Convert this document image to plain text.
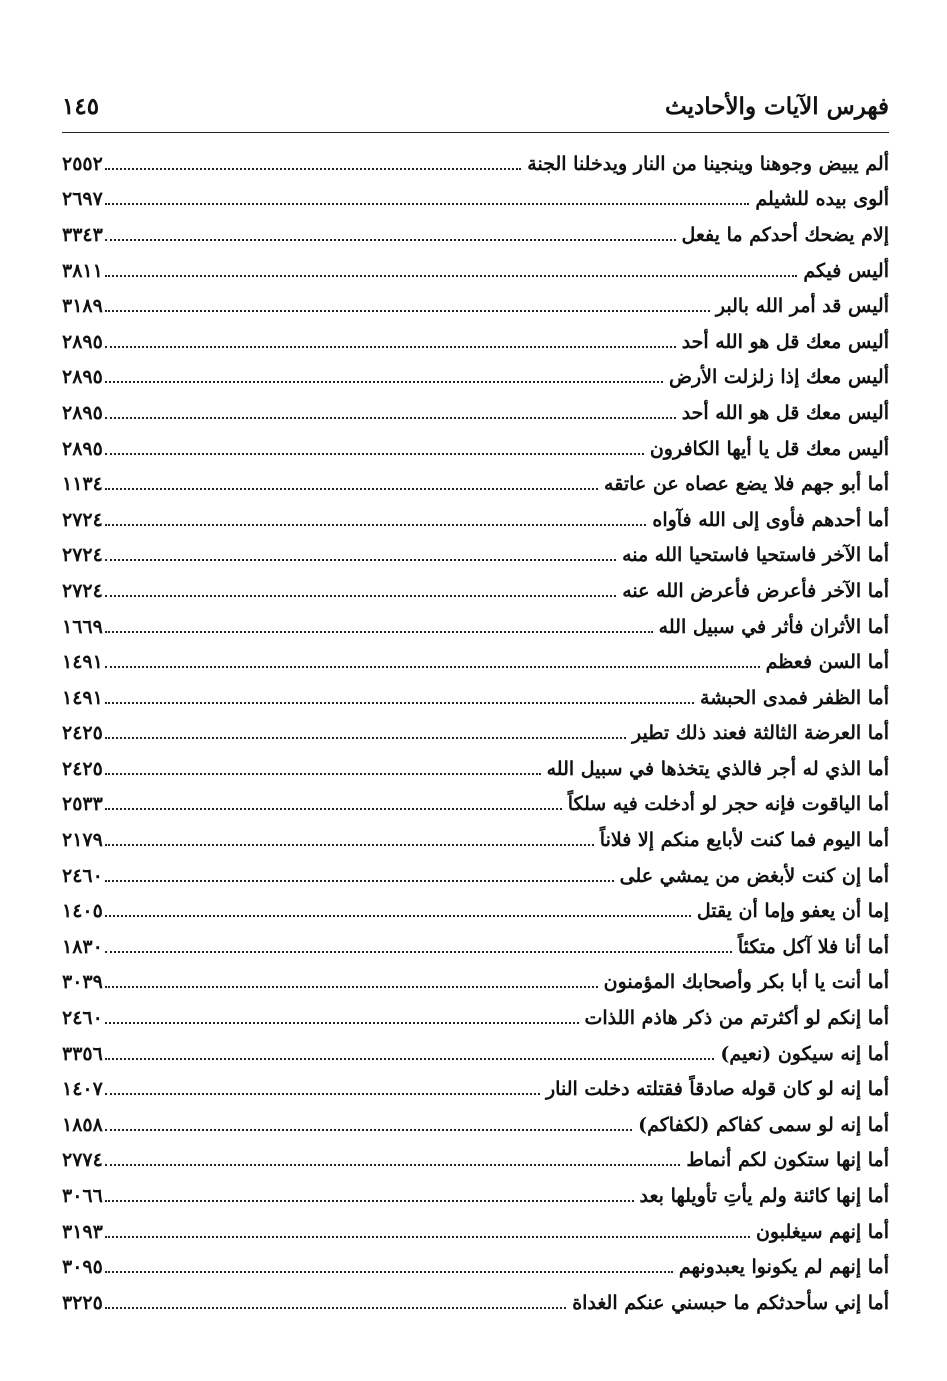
فهرس الآيات والأحاديث
١٤٥
ألم يبيض وجوهنا وينجينا من النار ويدخلنا الجنة
٢٥٥٢
ألوى بيده للشيلم
٢٦٩٧
إلام يضحك أحدكم ما يفعل
٣٣٤٣
أليس فيكم
٣٨١١
أليس قد أمر الله بالبر
٣١٨٩
أليس معك قل هو الله أحد
٢٨٩٥
أليس معك إذا زلزلت الأرض
٢٨٩٥
أليس معك قل هو الله أحد
٢٨٩٥
أليس معك قل يا أيها الكافرون
٢٨٩٥
أما أبو جهم فلا يضع عصاه عن عاتقه
١١٣٤
أما أحدهم فأوى إلى الله فآواه
٢٧٢٤
أما الآخر فاستحيا فاستحيا الله منه
٢٧٢٤
أما الآخر فأعرض فأعرض الله عنه
٢٧٢٤
أما الأثران فأثر في سبيل الله
١٦٦٩
أما السن فعظم
١٤٩١
أما الظفر فمدى الحبشة
١٤٩١
أما العرضة الثالثة فعند ذلك تطير
٢٤٢٥
أما الذي له أجر فالذي يتخذها في سبيل الله
٢٤٢٥
أما الياقوت فإنه حجر لو أدخلت فيه سلكاً
٢٥٣٣
أما اليوم فما كنت لأبايع منكم إلا فلاناً
٢١٧٩
أما إن كنت لأبغض من يمشي على
٢٤٦٠
إما أن يعفو وإما أن يقتل
١٤٠٥
أما أنا فلا آكل متكئاً
١٨٣٠
أما أنت يا أبا بكر وأصحابك المؤمنون
٣٠٣٩
أما إنكم لو أكثرتم من ذكر هاذم اللذات
٢٤٦٠
أما إنه سيكون (نعيم)
٣٣٥٦
أما إنه لو كان قوله صادقاً فقتلته دخلت النار
١٤٠٧
أما إنه لو سمى كفاكم (لكفاكم)
١٨٥٨
أما إنها ستكون لكم أنماط
٢٧٧٤
أما إنها كائنة ولم يأتِ تأويلها بعد
٣٠٦٦
أما إنهم سيغلبون
٣١٩٣
أما إنهم لم يكونوا يعبدونهم
٣٠٩٥
أما إني سأحدثكم ما حبسني عنكم الغداة
٣٢٢٥
